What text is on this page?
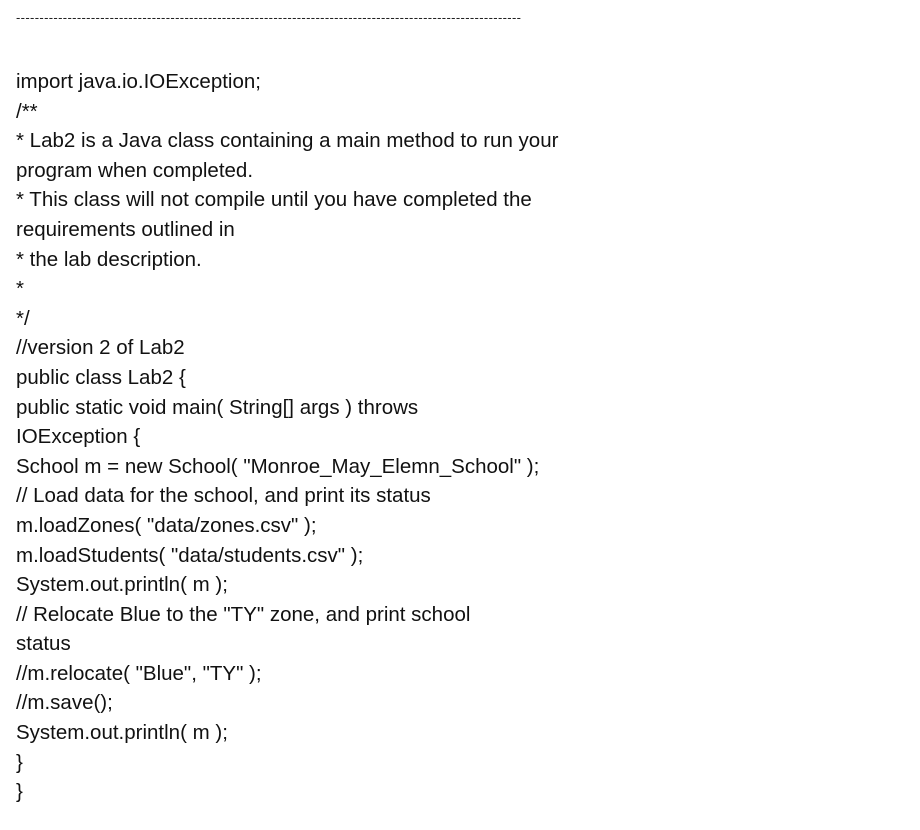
------------------------------------------------------------------------------------------------------------
import java.io.IOException;
/**
* Lab2 is a Java class containing a main method to run your
program when completed.
* This class will not compile until you have completed the
requirements outlined in
* the lab description.
*
*/
//version 2 of Lab2
public class Lab2 {
public static void main( String[] args ) throws
IOException {
School m = new School( "Monroe_May_Elemn_School" );
// Load data for the school, and print its status
m.loadZones( "data/zones.csv" );
m.loadStudents( "data/students.csv" );
System.out.println( m );
// Relocate Blue to the "TY" zone, and print school
status
//m.relocate( "Blue", "TY" );
//m.save();
System.out.println( m );
}
}
